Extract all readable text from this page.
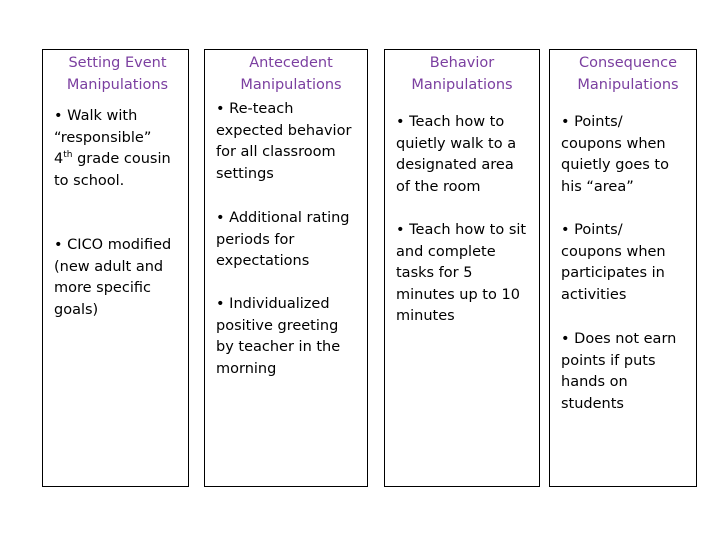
Setting Event
Manipulations
• Walk with
“responsible”
4th grade cousin
to school.
• CICO modified
(new adult and
more specific
goals)
Antecedent
Manipulations
• Re-teach
expected behavior
for all classroom
settings
• Additional rating
periods for
expectations
• Individualized
positive greeting
by teacher in the
morning
Behavior
Manipulations
• Teach how to
quietly walk to a
designated area
of the room
• Teach how to sit
and complete
tasks for 5
minutes up to 10
minutes
Consequence
Manipulations
• Points/
coupons when
quietly goes to
his “area”
• Points/
coupons when
participates in
activities
• Does not earn
points if puts
hands on
students
